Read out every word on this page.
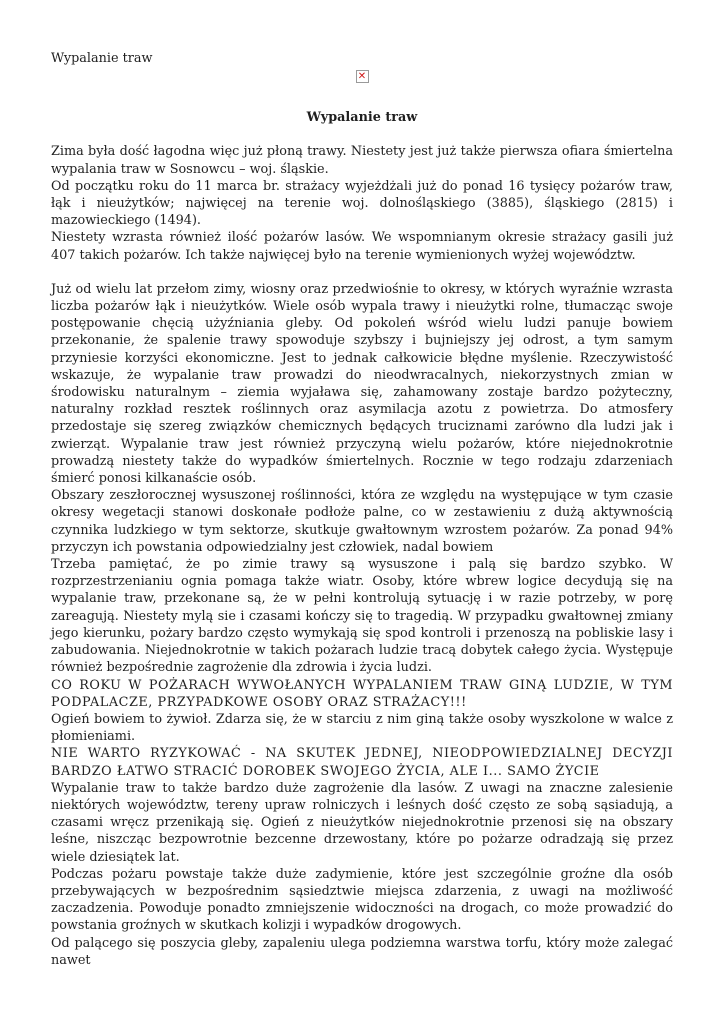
Wypalanie traw

✕

Wypalanie traw

Zima była dość łagodna więc już płoną trawy. Niestety jest już także pierwsza ofiara śmiertelna wypalania traw w Sosnowcu – woj. śląskie.

Od początku roku do 11 marca br. strażacy wyjeżdżali już do ponad 16 tysięcy pożarów traw, łąk i nieużytków; najwięcej na terenie woj. dolnośląskiego (3885), śląskiego (2815) i mazowieckiego (1494).

Niestety wzrasta również ilość pożarów lasów. We wspomnianym okresie strażacy gasili już 407 takich pożarów. Ich także najwięcej było na terenie wymienionych wyżej województw.

Już od wielu lat przełom zimy, wiosny oraz przedwiośnie to okresy, w których wyraźnie wzrasta liczba pożarów łąk i nieużytków. Wiele osób wypala trawy i nieużytki rolne, tłumacząc swoje postępowanie chęcią użyźniania gleby. Od pokoleń wśród wielu ludzi panuje bowiem przekonanie, że spalenie trawy spowoduje szybszy i bujniejszy jej odrost, a tym samym przyniesie korzyści ekonomiczne. Jest to jednak całkowicie błędne myślenie. Rzeczywistość wskazuje, że wypalanie traw prowadzi do nieodwracalnych, niekorzystnych zmian w środowisku naturalnym – ziemia wyjaława się, zahamowany zostaje bardzo pożyteczny, naturalny rozkład resztek roślinnych oraz asymilacja azotu z powietrza. Do atmosfery przedostaje się szereg związków chemicznych będących truciznami zarówno dla ludzi jak i zwierząt. Wypalanie traw jest również przyczyną wielu pożarów, które niejednokrotnie prowadzą niestety także do wypadków śmiertelnych. Rocznie w tego rodzaju zdarzeniach śmierć ponosi kilkanaście osób.

Obszary zeszłorocznej wysuszonej roślinności, która ze względu na występujące w tym czasie okresy wegetacji stanowi doskonałe podłoże palne, co w zestawieniu z dużą aktywnością czynnika ludzkiego w tym sektorze, skutkuje gwałtownym wzrostem pożarów. Za ponad 94% przyczyn ich powstania odpowiedzialny jest człowiek, nadal bowiem

Trzeba pamiętać, że po zimie trawy są wysuszone i palą się bardzo szybko. W rozprzestrzenianiu ognia pomaga także wiatr. Osoby, które wbrew logice decydują się na wypalanie traw, przekonane są, że w pełni kontrolują sytuację i w razie potrzeby, w porę zareagują. Niestety mylą sie i czasami kończy się to tragedią. W przypadku gwałtownej zmiany jego kierunku, pożary bardzo często wymykają się spod kontroli i przenoszą na pobliskie lasy i zabudowania. Niejednokrotnie w takich pożarach ludzie tracą dobytek całego życia. Występuje również bezpośrednie zagrożenie dla zdrowia i życia ludzi.

CO ROKU W POŻARACH WYWOŁANYCH WYPALANIEM TRAW GINĄ LUDZIE, W TYM PODPALACZE, PRZYPADKOWE OSOBY ORAZ STRAŻACY!!!

Ogień bowiem to żywioł. Zdarza się, że w starciu z nim giną także osoby wyszkolone w walce z płomieniami.

NIE WARTO RYZYKOWAĆ - NA SKUTEK JEDNEJ, NIEODPOWIEDZIALNEJ DECYZJI BARDZO ŁATWO STRACIĆ DOROBEK SWOJEGO ŻYCIA, ALE I... SAMO ŻYCIE

Wypalanie traw to także bardzo duże zagrożenie dla lasów. Z uwagi na znaczne zalesienie niektórych województw, tereny upraw rolniczych i leśnych dość często ze sobą sąsiadują, a czasami wręcz przenikają się. Ogień z nieużytków niejednokrotnie przenosi się na obszary leśne, niszcząc bezpowrotnie bezcenne drzewostany, które po pożarze odradzają się przez wiele dziesiątek lat.

Podczas pożaru powstaje także duże zadymienie, które jest szczególnie groźne dla osób przebywających w bezpośrednim sąsiedztwie miejsca zdarzenia, z uwagi na możliwość zaczadzenia. Powoduje ponadto zmniejszenie widoczności na drogach, co może prowadzić do powstania groźnych w skutkach kolizji i wypadków drogowych.

Od palącego się poszycia gleby, zapaleniu ulega podziemna warstwa torfu, który może zalegać nawet
